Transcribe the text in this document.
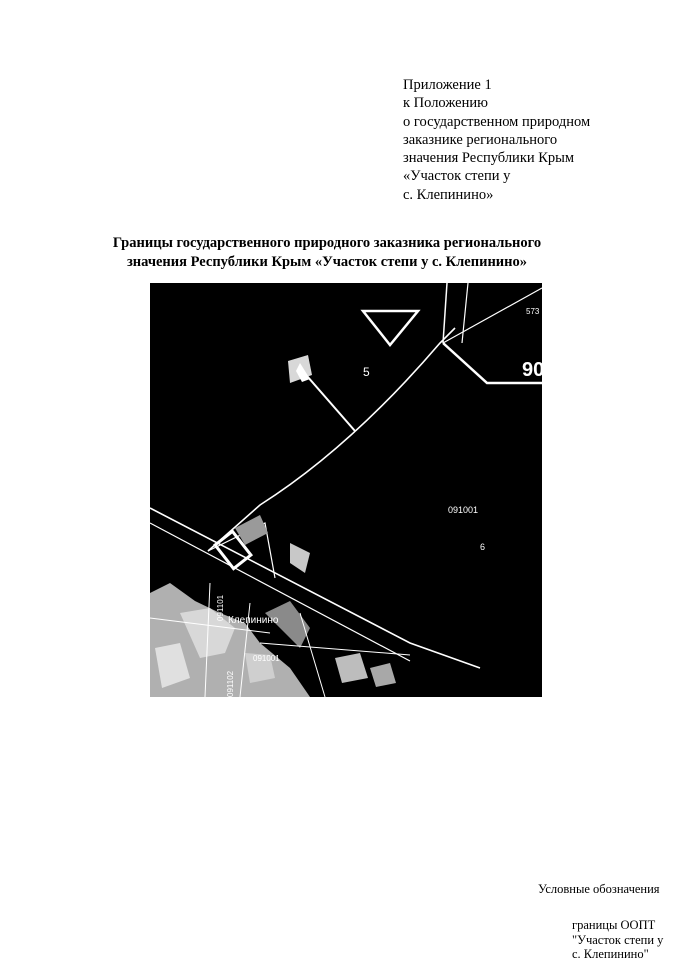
Приложение 1
к Положению
о государственном природном
заказнике регионального
значения Республики Крым
«Участок степи у
с. Клепинино»
Границы государственного природного заказника регионального
значения Республики Крым «Участок степи у с. Клепинино»
573
90
5
091001
6
Клепинино
091101
091001
091102
Условные обозначения
границы ООПТ
"Участок степи у
с. Клепинино"
